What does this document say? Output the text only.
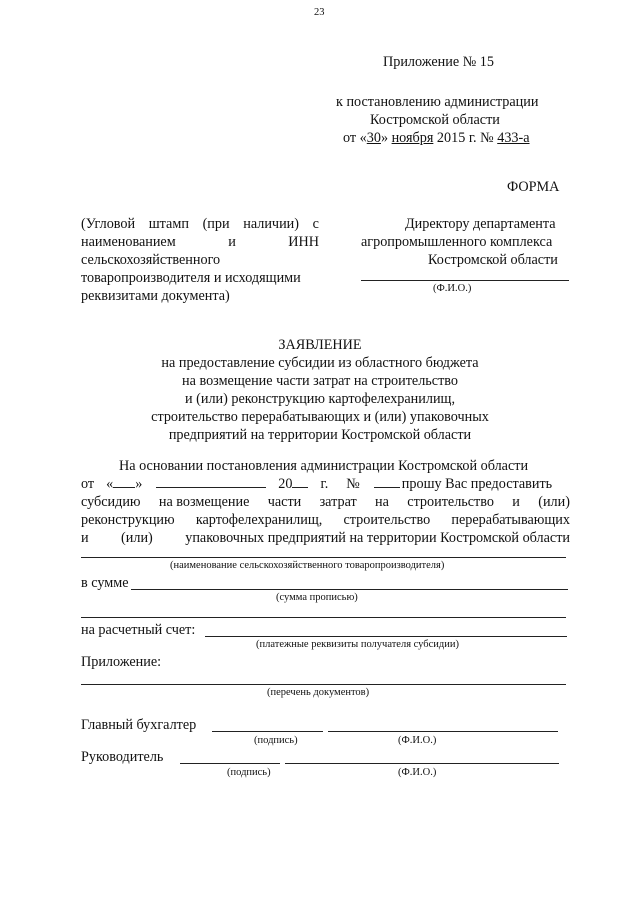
23
Приложение № 15
к постановлению администрации
Костромской области
от «30» ноября 2015 г. № 433-а
ФОРМА
(Угловой штамп (при наличии) с
наименованием	и	ИНН
сельскохозяйственного
товаропроизводителя и исходящими
реквизитами документа)
Директору департамента
агропромышленного комплекса
Костромской области
(Ф.И.О.)
ЗАЯВЛЕНИЕ
на предоставление субсидии из областного бюджета
на возмещение части затрат на строительство
и (или) реконструкцию картофелехранилищ,
строительство перерабатывающих и (или) упаковочных
предприятий на территории Костромской области
На основании постановления администрации Костромской области
от « »	20 г. №	прошу Вас предоставить
субсидию на возмещение части затрат на строительство и (или)
реконструкцию картофелехранилищ, строительство перерабатывающих
и (или) упаковочных предприятий на территории Костромской области
(наименование сельскохозяйственного товаропроизводителя)
в сумме
(сумма прописью)
на расчетный счет:
(платежные реквизиты получателя субсидии)
Приложение:
(перечень документов)
Главный бухгалтер
(подпись)	(Ф.И.О.)
Руководитель
(подпись)	(Ф.И.О.)
